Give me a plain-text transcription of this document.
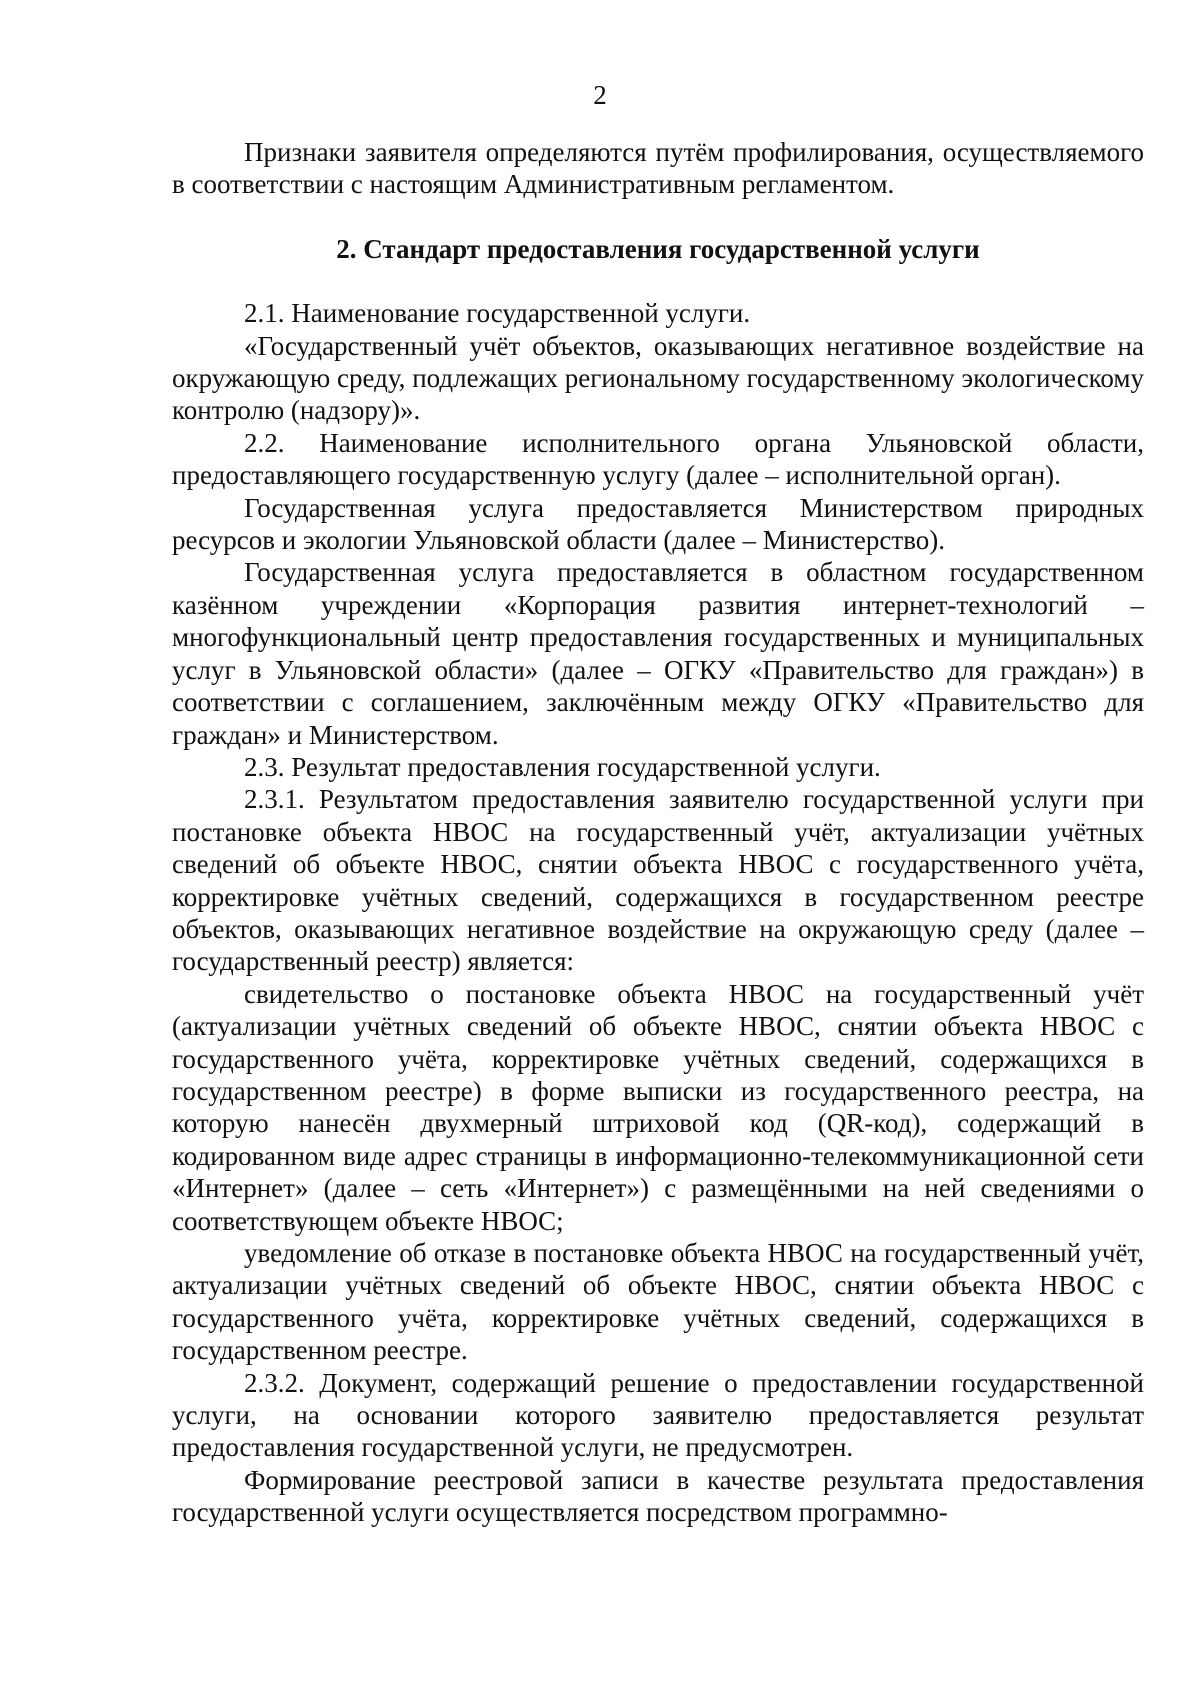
2

Признаки заявителя определяются путём профилирования, осуществляемого в соответствии с настоящим Административным регламентом.

2. Стандарт предоставления государственной услуги

2.1. Наименование государственной услуги.

«Государственный учёт объектов, оказывающих негативное воздействие на окружающую среду, подлежащих региональному государственному экологическому контролю (надзору)».

2.2. Наименование исполнительного органа Ульяновской области, предоставляющего государственную услугу (далее – исполнительной орган).

Государственная услуга предоставляется Министерством природных ресурсов и экологии Ульяновской области (далее – Министерство).

Государственная услуга предоставляется в областном государственном казённом учреждении «Корпорация развития интернет-технологий – многофункциональный центр предоставления государственных и муниципальных услуг в Ульяновской области» (далее – ОГКУ «Правительство для граждан») в соответствии с соглашением, заключённым между ОГКУ «Правительство для граждан» и Министерством.

2.3. Результат предоставления государственной услуги.

2.3.1. Результатом предоставления заявителю государственной услуги при постановке объекта НВОС на государственный учёт, актуализации учётных сведений об объекте НВОС, снятии объекта НВОС с государственного учёта, корректировке учётных сведений, содержащихся в государственном реестре объектов, оказывающих негативное воздействие на окружающую среду (далее – государственный реестр) является:

свидетельство о постановке объекта НВОС на государственный учёт (актуализации учётных сведений об объекте НВОС, снятии объекта НВОС с государственного учёта, корректировке учётных сведений, содержащихся в государственном реестре) в форме выписки из государственного реестра, на которую нанесён двухмерный штриховой код (QR-код), содержащий в кодированном виде адрес страницы в информационно-телекоммуникационной сети «Интернет» (далее – сеть «Интернет») с размещёнными на ней сведениями о соответствующем объекте НВОС;

уведомление об отказе в постановке объекта НВОС на государственный учёт, актуализации учётных сведений об объекте НВОС, снятии объекта НВОС с государственного учёта, корректировке учётных сведений, содержащихся в государственном реестре.

2.3.2. Документ, содержащий решение о предоставлении государственной услуги, на основании которого заявителю предоставляется результат предоставления государственной услуги, не предусмотрен.

Формирование реестровой записи в качестве результата предоставления государственной услуги осуществляется посредством программно-
